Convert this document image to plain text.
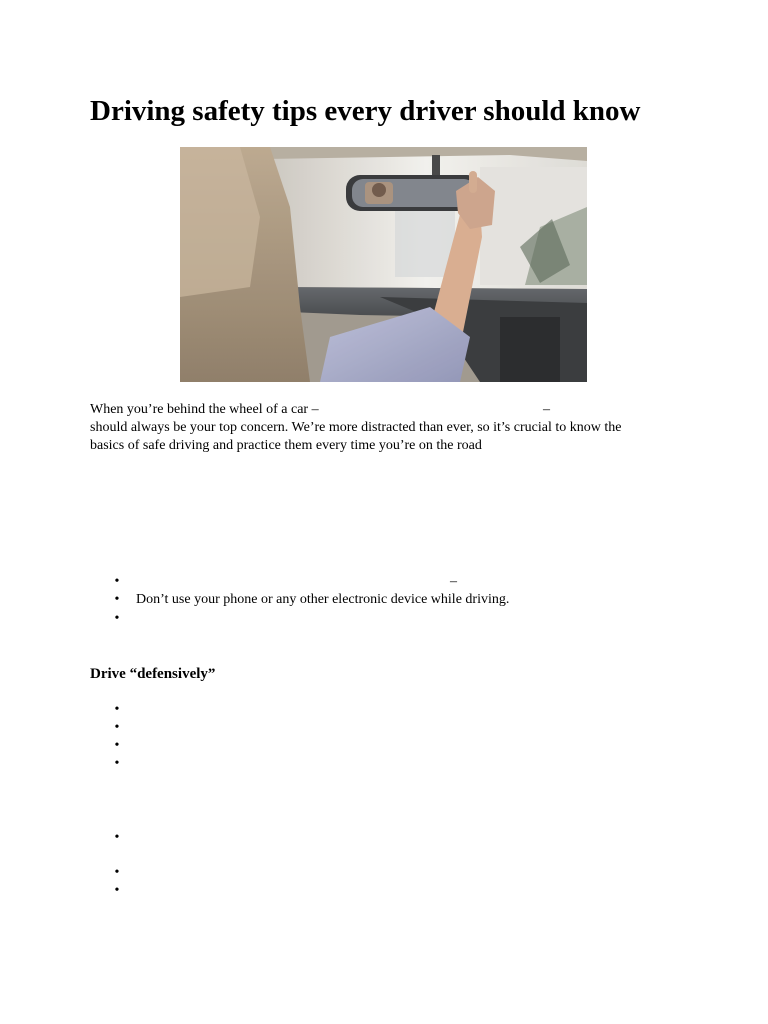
Driving safety tips every driver should know
When you’re behind the wheel of a car –	–
should always be your top concern. We’re more distracted than ever, so it’s crucial to know the
basics of safe driving and practice them every time you’re on the road
•	–
• Don’t use your phone or any other electronic device while driving.
•
Drive “defensively”
•
•
•
•
•
•
•
